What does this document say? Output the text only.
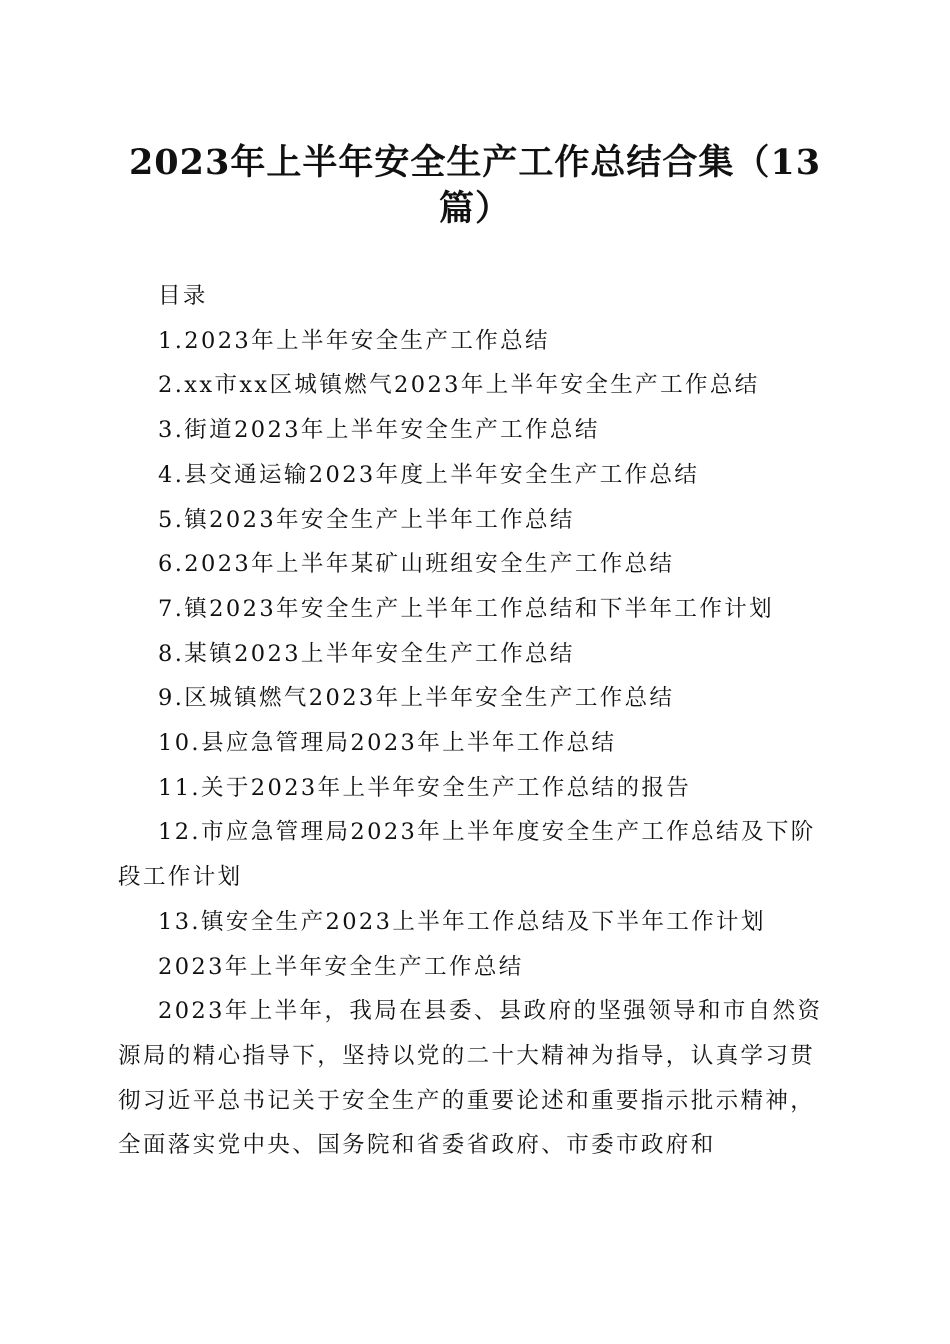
2023年上半年安全生产工作总结合集（13篇）

目录

1.2023年上半年安全生产工作总结

2.xx市xx区城镇燃气2023年上半年安全生产工作总结

3.街道2023年上半年安全生产工作总结

4.县交通运输2023年度上半年安全生产工作总结

5.镇2023年安全生产上半年工作总结

6.2023年上半年某矿山班组安全生产工作总结

7.镇2023年安全生产上半年工作总结和下半年工作计划

8.某镇2023上半年安全生产工作总结

9.区城镇燃气2023年上半年安全生产工作总结

10.县应急管理局2023年上半年工作总结

11.关于2023年上半年安全生产工作总结的报告

12.市应急管理局2023年上半年度安全生产工作总结及下阶段工作计划

13.镇安全生产2023上半年工作总结及下半年工作计划

2023年上半年安全生产工作总结

2023年上半年，我局在县委、县政府的坚强领导和市自然资源局的精心指导下，坚持以党的二十大精神为指导，认真学习贯彻习近平总书记关于安全生产的重要论述和重要指示批示精神，全面落实党中央、国务院和省委省政府、市委市政府和
